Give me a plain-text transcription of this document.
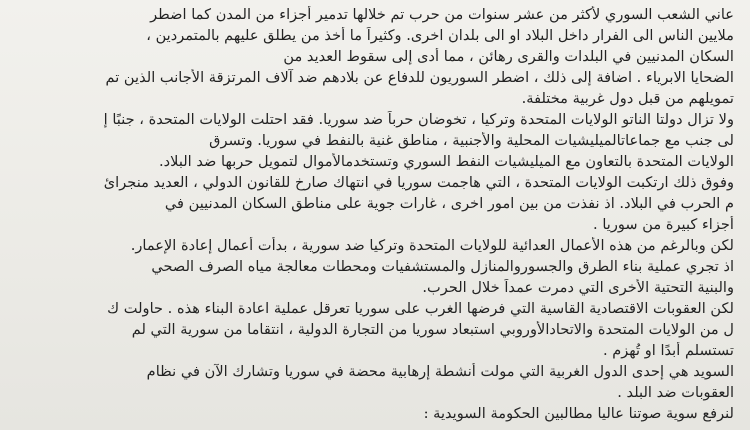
عاني الشعب السوري لأكثر من عشر سنوات من حرب تم خلالها تدمير أجزاء من المدن كما اضطر

ملايين الناس الى الفرار داخل البلاد او الى بلدان اخرى. وكثيراً ما أخذ من يطلق عليهم بالمتمردين ،

السكان المدنيين في البلدات والقرى رهائن ، مما أدى إلى سقوط العديد من

الضحايا الابرياء . اضافة إلى ذلك ، اضطر السوريون للدفاع عن بلادهم ضد آلاف المرتزقة الأجانب الذين تم

تمويلهم من قبل دول غربية مختلفة.

ولا تزال دولتا الناتو الولايات المتحدة وتركيا ، تخوضان حرباً ضد سوريا. فقد احتلت الولايات المتحدة ، جنبًا إ

لى جنب مع جماعاتالميليشيات المحلية والأجنبية ، مناطق غنية بالنفط في سوريا. وتسرق

الولايات المتحدة بالتعاون مع الميليشيات النفط السوري وتستخدمالأموال لتمويل حربها ضد البلاد.

وفوق ذلك ارتكبت الولايات المتحدة ، التي هاجمت سوريا في انتهاك صارخ للقانون الدولي ، العديد منجرائ

م الحرب في البلاد. اذ نفذت من بين امور اخرى ، غارات جوية على مناطق السكان المدنيين في

أجزاء كبيرة من سوريا .

لكن وبالرغم من هذه الأعمال العدائية للولايات المتحدة وتركيا ضد سورية ، بدأت أعمال إعادة الإعمار.

اذ تجري عملية بناء الطرق والجسوروالمنازل والمستشفيات ومحطات معالجة مياه الصرف الصحي

والبنية التحتية الأخرى التي دمرت عمداً خلال الحرب.

لكن العقوبات الاقتصادية القاسية التي فرضها الغرب على سوريا تعرقل عملية اعادة البناء هذه . حاولت ك

ل من الولايات المتحدة والاتحادالأوروبي استبعاد سوريا من التجارة الدولية ، انتقاما من سورية التي لم

تستسلم أبدًا او تُهزم .

السويد هي إحدى الدول الغربية التي مولت أنشطة إرهابية محضة في سوريا وتشارك الآن في نظام

العقوبات ضد البلد .

لنرفع سوية صوتنا عاليا مطالبين الحكومة السويدية :
